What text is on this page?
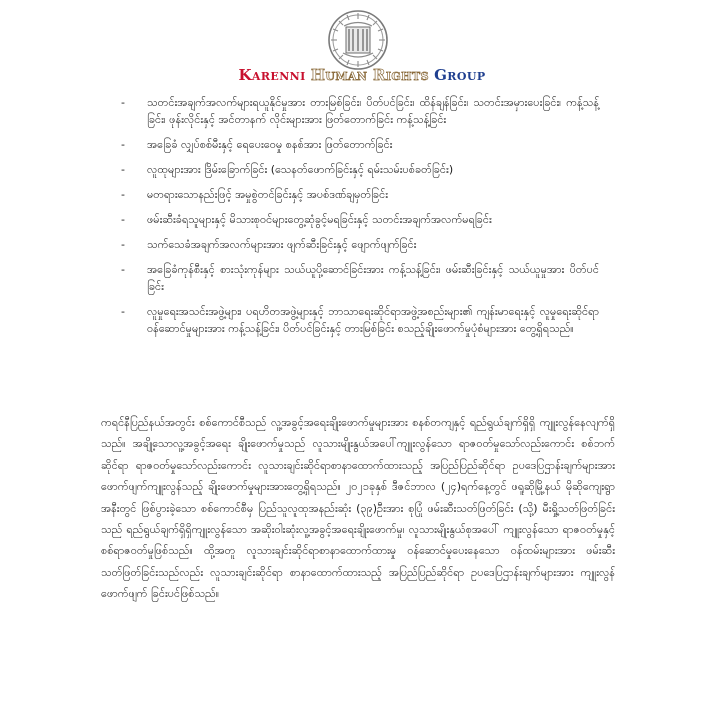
Karenni Human Rights Group
-	သတင်းအချက်အလက်များရယူနိုင်မှုအား တားမြစ်ခြင်း၊ ပိတ်ပင်ခြင်း၊ ထိန်ချန်ခြင်း၊ သတင်းအမှားပေးခြင်း၊ ကန့်သန့်ခြင်း၊ ဖုန်းလိုင်းနှင့် အင်တာနက် လိုင်းများအား ဖြတ်တောက်ခြင်း ကန့်သန့်ခြင်း
-	အခြေခံ လျှပ်စစ်မီးနှင့် ရေပေးဝေမှု စနစ်အား ဖြတ်တောက်ခြင်း
-	လူထုများအား ဒြိမ်းခြောက်ခြင်း (သေနတ်ဖောက်ခြင်းနှင့် ရမ်းသမ်းပစ်ခတ်ခြင်း)
-	မတရားသောနည်းဖြင့် အမှုစွဲတင်ခြင်းနှင့် အပစ်ဒဏ်ချမှတ်ခြင်း
-	ဖမ်းဆီးခံရသူများနှင့် မိသားစုဝင်များတွေ့ဆုံခွင့်မရခြင်းနှင့် သတင်းအချက်အလက်မရခြင်း
-	သက်သေခံအချက်အလက်များအား ဖျက်ဆီးခြင်းနှင့် ဖျောက်ဖျက်ခြင်း
-	အခြေခံကုန်စီးနှင့် စားသုံးကုန်များ သယ်ယူပို့ဆောင်ခြင်းအား ကန့်သန့်ခြင်း၊ ဖမ်းဆီးခြင်းနှင့် သယ်ယူမှုအား ပိတ်ပင်ခြင်း
-	လူမှုရေးအသင်းအဖွဲ့များ၊ ပရဟိတအဖွဲ့များနှင့် ဘာသာရေးဆိုင်ရာအဖွဲ့အစည်းများ၏ ကျန်းမာရေးနှင့် လူမှုရေးဆိုင်ရာ ဝန်ဆောင်မှုများအား ကန့်သန့်ခြင်း၊ ပိတ်ပင်ခြင်းနှင့် တားမြစ်ခြင်း စသည့်ချိုးဖောက်မှုပုံစံများအား တွေ့ရှိရသည်။

ကရင်နီပြည်နယ်အတွင်း စစ်ကောင်စီသည် လူ့အခွင့်အရေးချိုးဖောက်မှုများအား စနစ်တကျနှင့် ရည်ရွယ်ချက်ရှိရှိ ကျူးလွန်နေလျက်ရှိသည်။ အချို့သောလူ့အခွင့်အရေး ချိုးဖောက်မှုသည် လူသားမျိုးနွယ်အပေါ်ကျူးလွန်သော ရာဇဝတ်မှုသော်လည်းကောင်း စစ်ဘက်ဆိုင်ရာ ရာဇဝတ်မှုသော်လည်းကောင်း လူသားချင်းဆိုင်ရာစာနာထောက်ထားသည့် အပြည်ပြည်ဆိုင်ရာ ဥပဒေပြဌာန်းချက်များအား ဖောက်ဖျက်ကျူးလွန်သည့် ချိုးဖောက်မှုများအားတွေ့ရှိရသည်။ ၂၀၂၁ခုနှစ် ဒီဇင်ဘာလ (၂၄)ရက်နေ့တွင် ဖရူဆိုမြို့နယ် မိုဆိုကျေးရွာအနီးတွင် ဖြစ်ပွားခဲ့သော စစ်ကောင်စီမှ ပြည်သူလူထုအနည်းဆုံး (၃၉)ဦးအား စုပြုံ ဖမ်းဆီးသတ်ဖြတ်ခြင်း (သို့) မီးရှို့သတ်ဖြတ်ခြင်းသည် ရည်ရွယ်ချက်ရှိရှိကျူးလွန်သော အဆိုးဝါးဆုံးလူ့အခွင့်အရေးချိုးဖောက်မှု၊ လူသားမျိုးနွယ်စုအပေါ် ကျူးလွန်သော ရာဇဝတ်မှုနှင့် စစ်ရာဇဝတ်မှုဖြစ်သည်။ ထို့အတူ လူသားချင်းဆိုင်ရာစာနာထောက်ထားမှု ဝန်ဆောင်မှုပေးနေသော ဝန်ထမ်းများအား ဖမ်းဆီးသတ်ဖြတ်ခြင်းသည်လည်း လူသားချင်းဆိုင်ရာ စာနာထောက်ထားသည့် အပြည်ပြည်ဆိုင်ရာ ဥပဒေပြဌာန်းချက်များအား ကျူးလွန်ဖောက်ဖျက် ခြင်းပင်ဖြစ်သည်။
